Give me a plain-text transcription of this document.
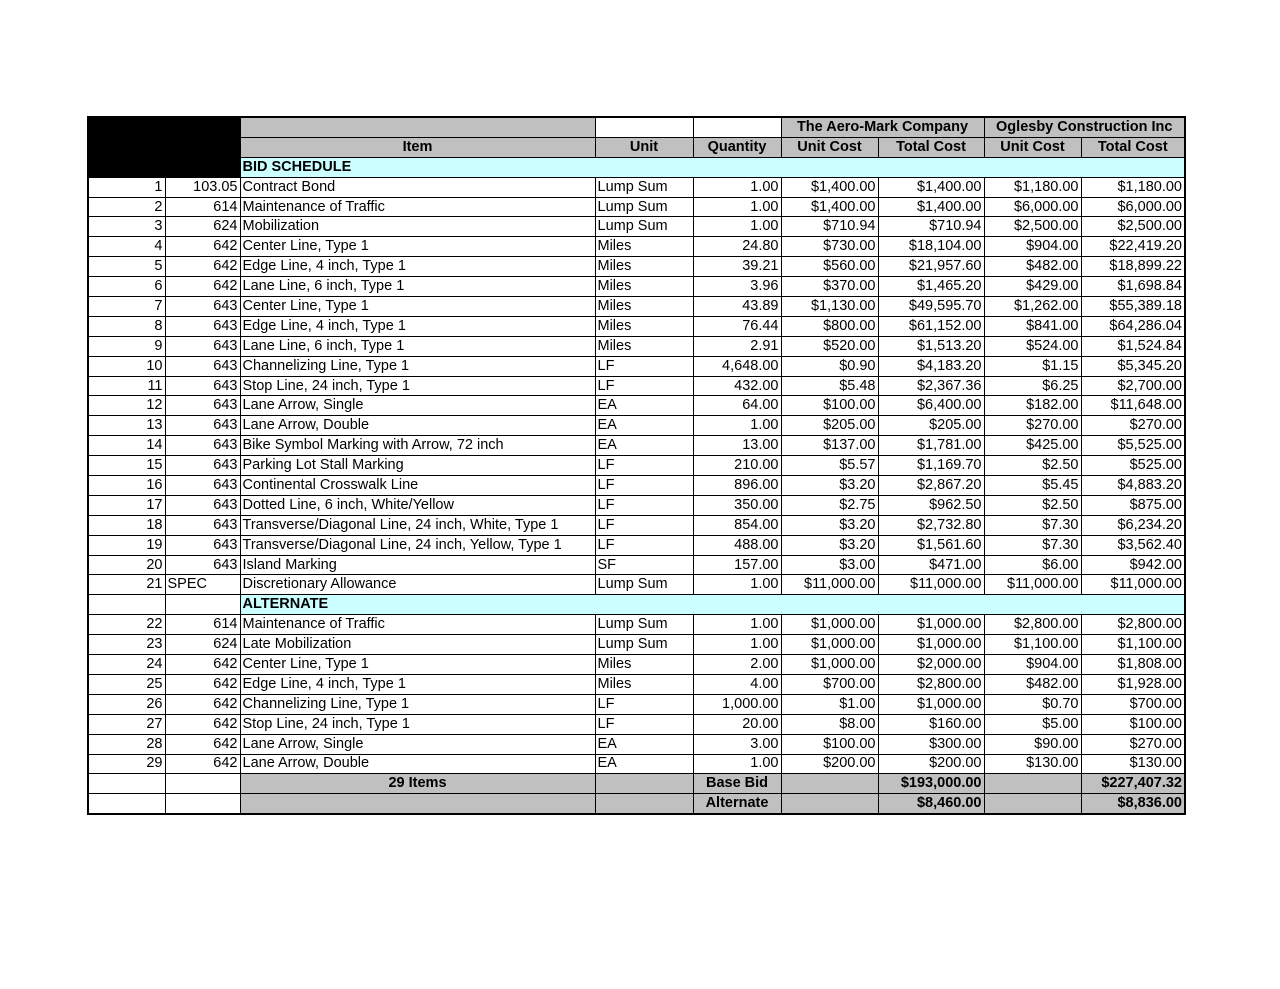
					The Aero-Mark Company		Oglesby Construction Inc	
		Item	Unit	Quantity	Unit Cost	Total Cost	Unit Cost	Total Cost
		BID SCHEDULE						
1	103.05	Contract Bond	Lump Sum	1.00	$1,400.00	$1,400.00	$1,180.00	$1,180.00
2	614	Maintenance of Traffic	Lump Sum	1.00	$1,400.00	$1,400.00	$6,000.00	$6,000.00
3	624	Mobilization	Lump Sum	1.00	$710.94	$710.94	$2,500.00	$2,500.00
4	642	Center Line, Type 1	Miles	24.80	$730.00	$18,104.00	$904.00	$22,419.20
5	642	Edge Line, 4 inch, Type 1	Miles	39.21	$560.00	$21,957.60	$482.00	$18,899.22
6	642	Lane Line, 6 inch, Type 1	Miles	3.96	$370.00	$1,465.20	$429.00	$1,698.84
7	643	Center Line, Type 1	Miles	43.89	$1,130.00	$49,595.70	$1,262.00	$55,389.18
8	643	Edge Line, 4 inch, Type 1	Miles	76.44	$800.00	$61,152.00	$841.00	$64,286.04
9	643	Lane Line, 6 inch, Type 1	Miles	2.91	$520.00	$1,513.20	$524.00	$1,524.84
10	643	Channelizing Line, Type 1	LF	4,648.00	$0.90	$4,183.20	$1.15	$5,345.20
11	643	Stop Line, 24 inch, Type 1	LF	432.00	$5.48	$2,367.36	$6.25	$2,700.00
12	643	Lane Arrow, Single	EA	64.00	$100.00	$6,400.00	$182.00	$11,648.00
13	643	Lane Arrow, Double	EA	1.00	$205.00	$205.00	$270.00	$270.00
14	643	Bike Symbol Marking with Arrow, 72 inch	EA	13.00	$137.00	$1,781.00	$425.00	$5,525.00
15	643	Parking Lot Stall Marking	LF	210.00	$5.57	$1,169.70	$2.50	$525.00
16	643	Continental Crosswalk Line	LF	896.00	$3.20	$2,867.20	$5.45	$4,883.20
17	643	Dotted Line, 6 inch, White/Yellow	LF	350.00	$2.75	$962.50	$2.50	$875.00
18	643	Transverse/Diagonal Line, 24 inch, White, Type 1	LF	854.00	$3.20	$2,732.80	$7.30	$6,234.20
19	643	Transverse/Diagonal Line, 24 inch, Yellow, Type 1	LF	488.00	$3.20	$1,561.60	$7.30	$3,562.40
20	643	Island Marking	SF	157.00	$3.00	$471.00	$6.00	$942.00
21	SPEC	Discretionary Allowance	Lump Sum	1.00	$11,000.00	$11,000.00	$11,000.00	$11,000.00
		ALTERNATE						
22	614	Maintenance of Traffic	Lump Sum	1.00	$1,000.00	$1,000.00	$2,800.00	$2,800.00
23	624	Late Mobilization	Lump Sum	1.00	$1,000.00	$1,000.00	$1,100.00	$1,100.00
24	642	Center Line, Type 1	Miles	2.00	$1,000.00	$2,000.00	$904.00	$1,808.00
25	642	Edge Line, 4 inch, Type 1	Miles	4.00	$700.00	$2,800.00	$482.00	$1,928.00
26	642	Channelizing Line, Type 1	LF	1,000.00	$1.00	$1,000.00	$0.70	$700.00
27	642	Stop Line, 24 inch, Type 1	LF	20.00	$8.00	$160.00	$5.00	$100.00
28	642	Lane Arrow, Single	EA	3.00	$100.00	$300.00	$90.00	$270.00
29	642	Lane Arrow, Double	EA	1.00	$200.00	$200.00	$130.00	$130.00
		29 Items		Base Bid		$193,000.00		$227,407.32
				Alternate		$8,460.00		$8,836.00
